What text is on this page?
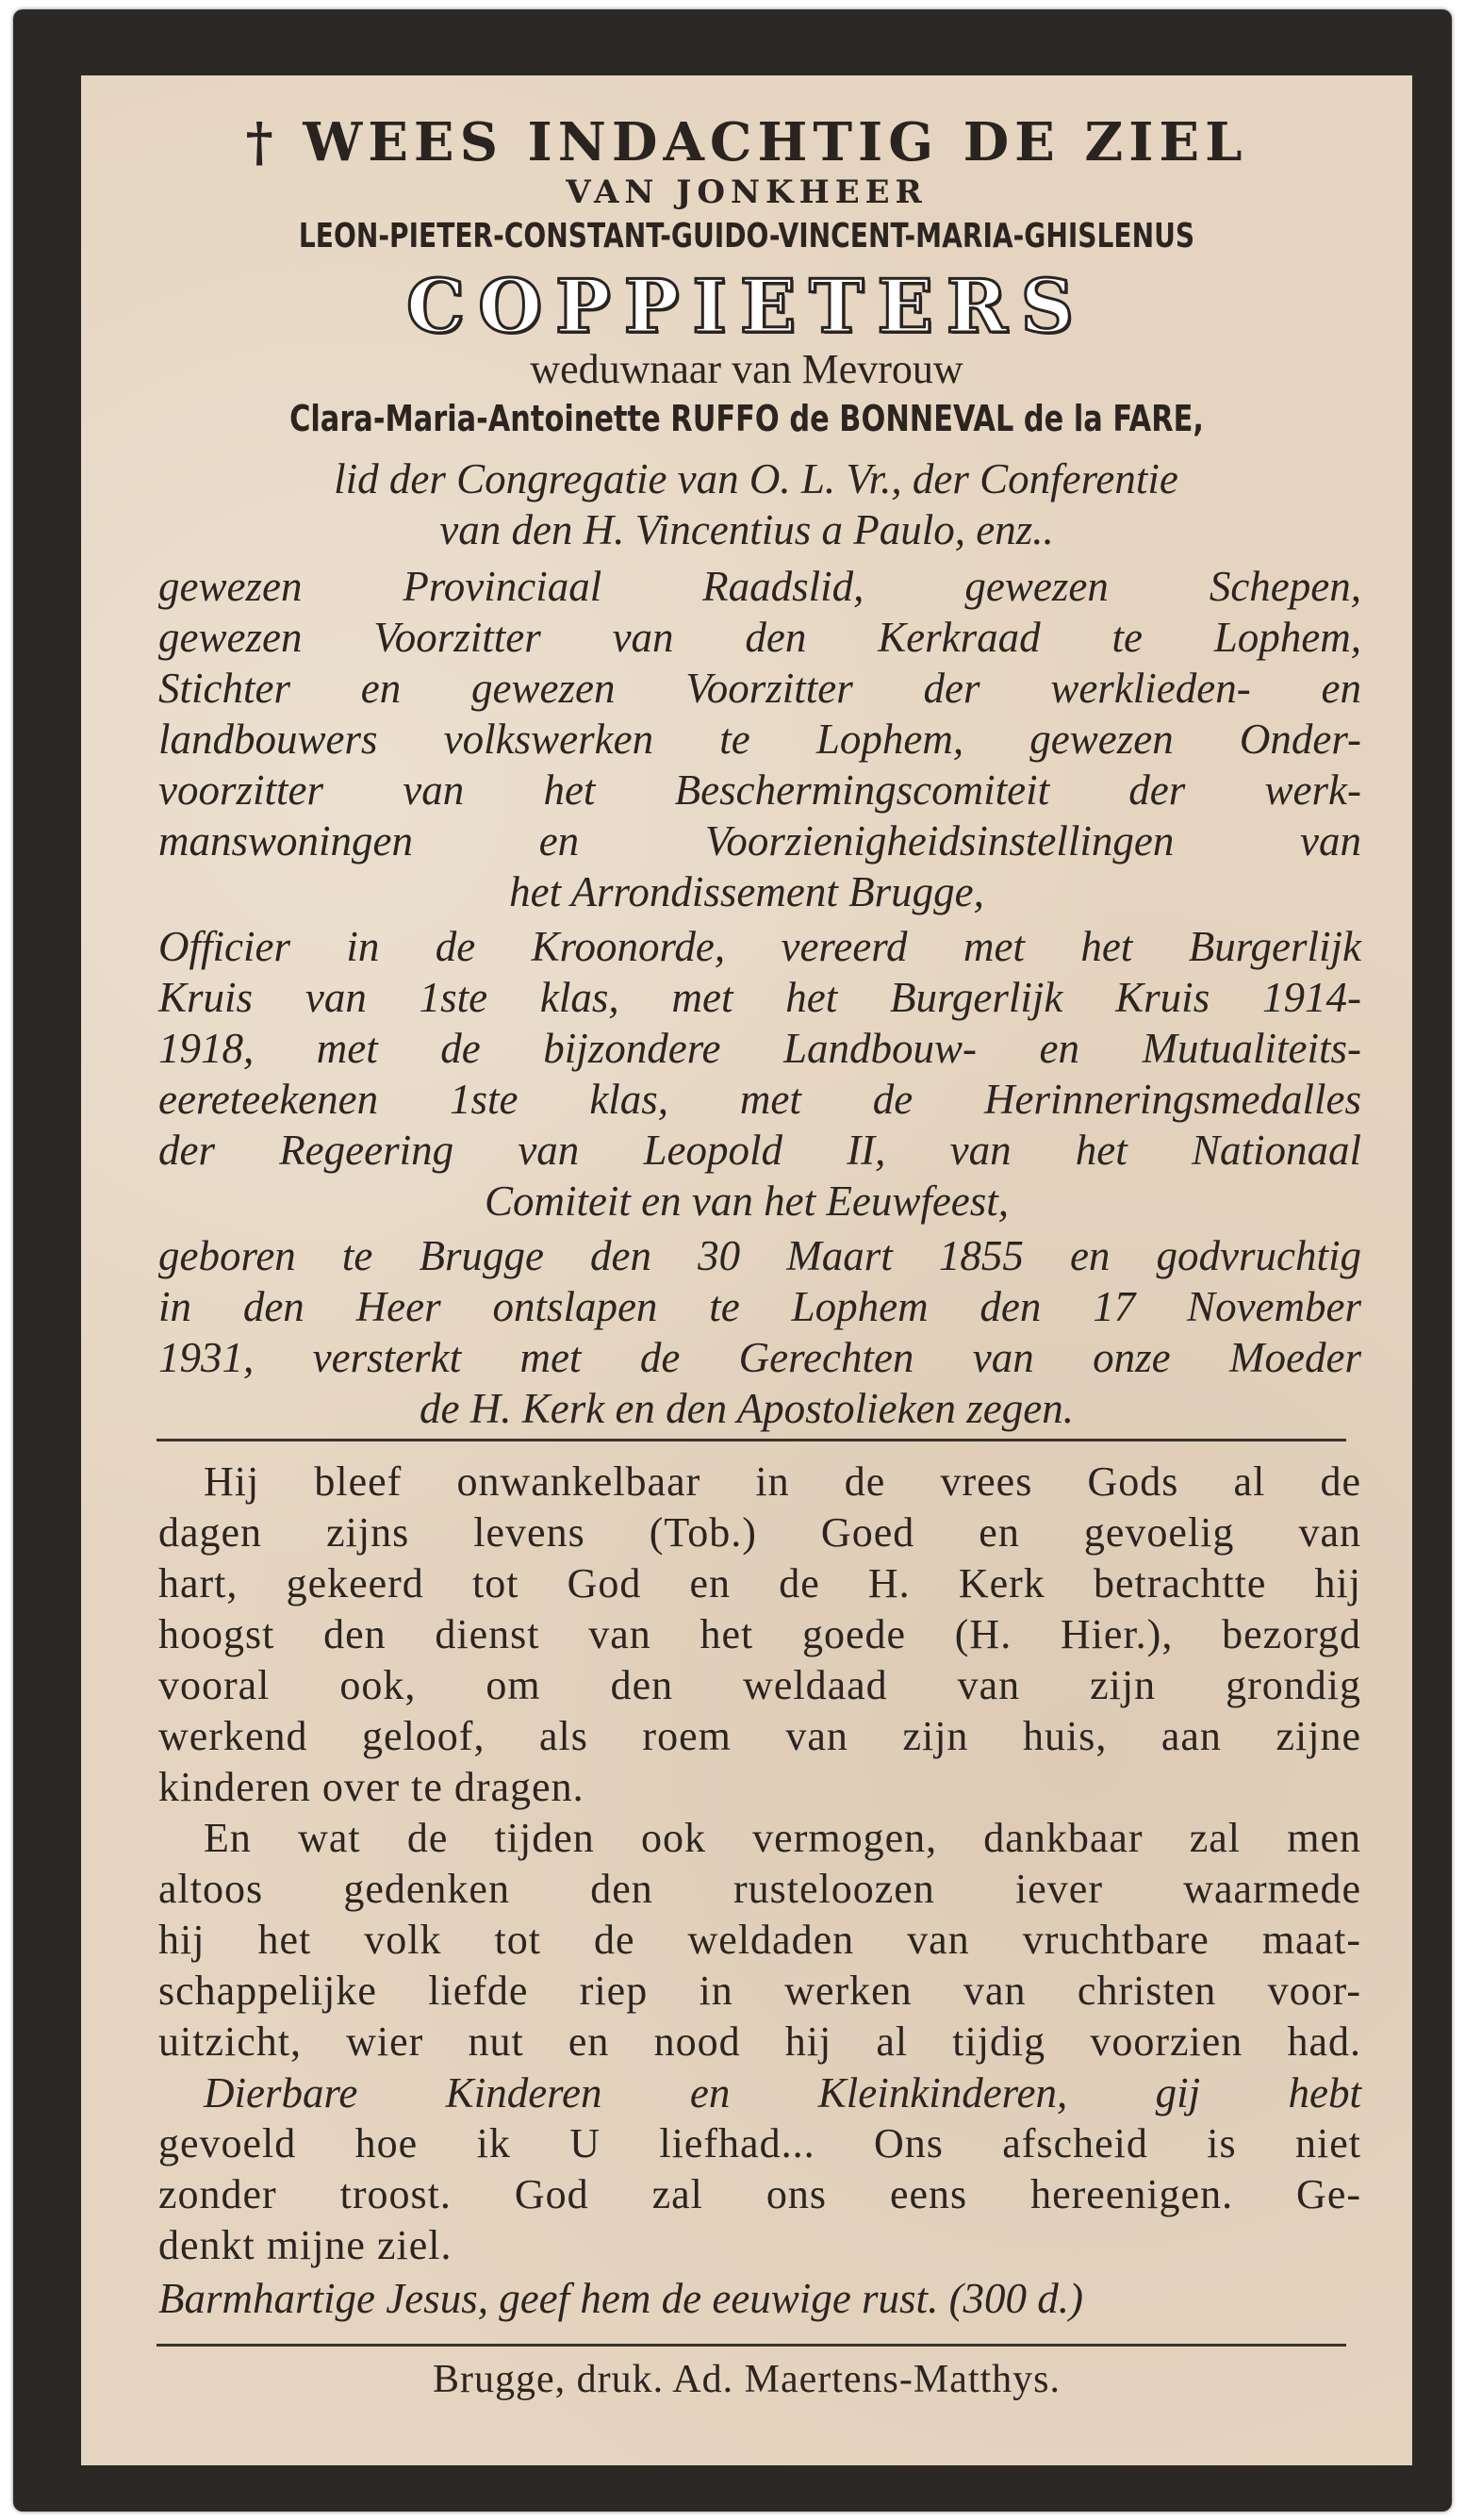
† WEES INDACHTIG DE ZIEL
VAN JONKHEER
LEON-PIETER-CONSTANT-GUIDO-VINCENT-MARIA-GHISLENUS
COPPIETERS
weduwnaar van Mevrouw
Clara-Maria-Antoinette RUFFO de BONNEVAL de la FARE,
lid der Congregatie van O. L. Vr., der Conferentie
van den H. Vincentius a Paulo, enz..
gewezen Provinciaal Raadslid, gewezen Schepen,
gewezen Voorzitter van den Kerkraad te Lophem,
Stichter en gewezen Voorzitter der werklieden- en
landbouwers volkswerken te Lophem, gewezen Onder-
voorzitter van het Beschermingscomiteit der werk-
manswoningen en Voorzienigheidsinstellingen van
het Arrondissement Brugge,
Officier in de Kroonorde, vereerd met het Burgerlijk
Kruis van 1ste klas, met het Burgerlijk Kruis 1914-
1918, met de bijzondere Landbouw- en Mutualiteits-
eereteekenen 1ste klas, met de Herinneringsmedalles
der Regeering van Leopold II, van het Nationaal
Comiteit en van het Eeuwfeest,
geboren te Brugge den 30 Maart 1855 en godvruchtig
in den Heer ontslapen te Lophem den 17 November
1931, versterkt met de Gerechten van onze Moeder
de H. Kerk en den Apostolieken zegen.
Hij bleef onwankelbaar in de vrees Gods al de
dagen zijns levens (Tob.) Goed en gevoelig van
hart, gekeerd tot God en de H. Kerk betrachtte hij
hoogst den dienst van het goede (H. Hier.), bezorgd
vooral ook, om den weldaad van zijn grondig
werkend geloof, als roem van zijn huis, aan zijne
kinderen over te dragen.
En wat de tijden ook vermogen, dankbaar zal men
altoos gedenken den rusteloozen iever waarmede
hij het volk tot de weldaden van vruchtbare maat-
schappelijke liefde riep in werken van christen voor-
uitzicht, wier nut en nood hij al tijdig voorzien had.
Dierbare Kinderen en Kleinkinderen, gij hebt
gevoeld hoe ik U liefhad... Ons afscheid is niet
zonder troost. God zal ons eens hereenigen. Ge-
denkt mijne ziel.
Barmhartige Jesus, geef hem de eeuwige rust. (300 d.)
Brugge, druk. Ad. Maertens-Matthys.
